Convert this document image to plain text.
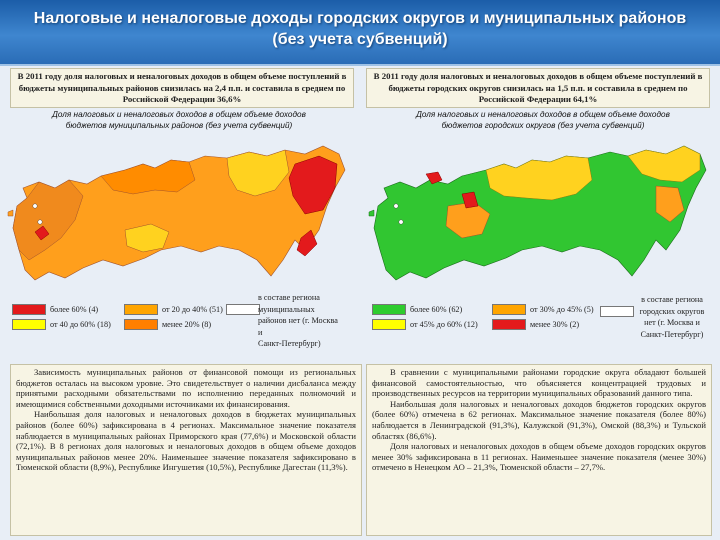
Налоговые и неналоговые доходы городских округов и муниципальных районов
(без учета субвенций)
В 2011 году доля налоговых и неналоговых доходов в общем объеме поступлений в бюджеты муниципальных районов снизилась на 2,4 п.п. и составила в среднем по Российской Федерации 36,6%
В 2011 году доля налоговых и неналоговых доходов в общем объеме поступлений в бюджеты городских округов снизилась на 1,5 п.п. и составила в среднем по Российской Федерации 64,1%
Доля налоговых и неналоговых доходов в общем объеме доходов
бюджетов муниципальных районов (без учета субвенций)
Доля налоговых и неналоговых доходов в общем объеме доходов
бюджетов городских округов (без учета субвенций)
более 60% (4)
от 40 до 60% (18)
от 20 до 40% (51)
менее 20% (8)
в составе региона
муниципальных
районов нет (г. Москва
и
Санкт-Петербург)
более 60% (62)
от 45% до 60% (12)
от 30% до 45% (5)
менее 30% (2)
в составе региона
городских округов
нет (г. Москва и
Санкт-Петербург)

Зависимость муниципальных районов от финансовой помощи из региональных бюджетов осталась на высоком уровне. Это свидетельствует о наличии дисбаланса между принятыми расходными обязательствами по исполнению переданных полномочий и имеющимися собственными доходными источниками их финансирования.

Наибольшая доля налоговых и неналоговых доходов в бюджетах муниципальных районов (более 60%) зафиксирована в 4 регионах. Максимальное значение показателя наблюдается в муниципальных районах Приморского края (77,6%) и Московской области (72,1%). В 8 регионах доля налоговых и неналоговых доходов в общем объеме доходов муниципальных районов менее 20%. Наименьшее значение показателя зафиксировано в Тюменской области (8,9%), Республике Ингушетия (10,5%), Республике Дагестан (11,3%).

В сравнении с муниципальными районами городские округа обладают большей финансовой самостоятельностью, что объясняется концентрацией трудовых и производственных ресурсов на территории муниципальных образований данного типа.

Наибольшая доля налоговых и неналоговых доходов бюджетов городских округов (более 60%) отмечена в 62 регионах. Максимальное значение показателя (более 80%) наблюдается в Ленинградской (91,3%), Калужской (91,3%), Омской (88,3%) и Тульской областях (86,6%).

Доля налоговых и неналоговых доходов в общем объеме доходов городских округов менее 30% зафиксирована в 11 регионах. Наименьшее значение показателя (менее 30%) отмечено в Ненецком АО – 21,3%, Тюменской области – 27,7%.
